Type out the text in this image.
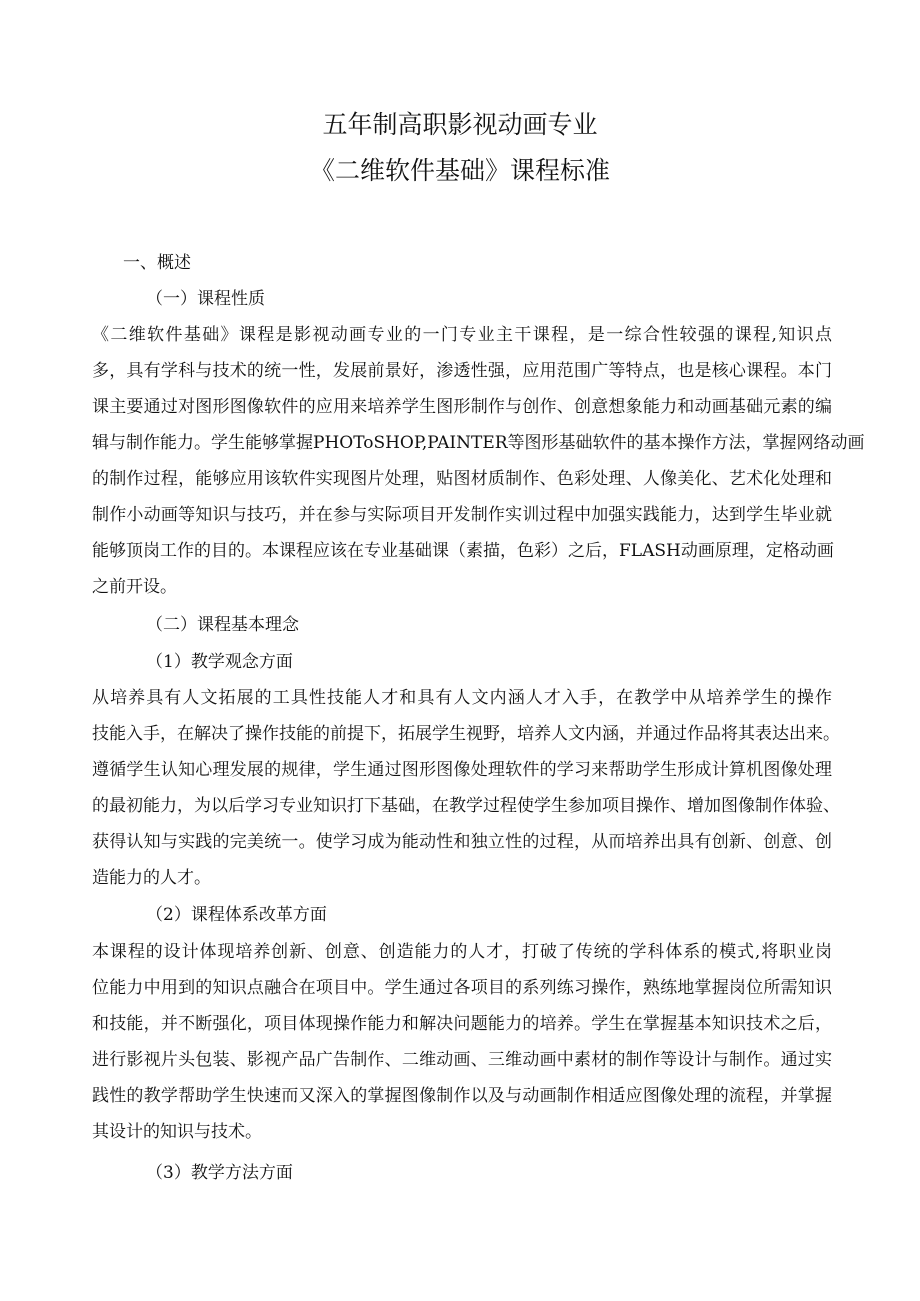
五年制高职影视动画专业
《二维软件基础》课程标准
一、概述
（一）课程性质
《二维软件基础》课程是影视动画专业的一门专业主干课程，是一综合性较强的课程,知识点
多，具有学科与技术的统一性，发展前景好，渗透性强，应用范围广等特点，也是核心课程。本门
课主要通过对图形图像软件的应用来培养学生图形制作与创作、创意想象能力和动画基础元素的编
辑与制作能力。学生能够掌握PHOToSHOP,PAINTER等图形基础软件的基本操作方法，掌握网络动画
的制作过程，能够应用该软件实现图片处理，贴图材质制作、色彩处理、人像美化、艺术化处理和
制作小动画等知识与技巧，并在参与实际项目开发制作实训过程中加强实践能力，达到学生毕业就
能够顶岗工作的目的。本课程应该在专业基础课（素描，色彩）之后，FLASH动画原理，定格动画
之前开设。
（二）课程基本理念
（1）教学观念方面
从培养具有人文拓展的工具性技能人才和具有人文内涵人才入手，在教学中从培养学生的操作
技能入手，在解决了操作技能的前提下，拓展学生视野，培养人文内涵，并通过作品将其表达出来。
遵循学生认知心理发展的规律，学生通过图形图像处理软件的学习来帮助学生形成计算机图像处理
的最初能力，为以后学习专业知识打下基础，在教学过程使学生参加项目操作、增加图像制作体验、
获得认知与实践的完美统一。使学习成为能动性和独立性的过程，从而培养出具有创新、创意、创
造能力的人才。
（2）课程体系改革方面
本课程的设计体现培养创新、创意、创造能力的人才，打破了传统的学科体系的模式,将职业岗
位能力中用到的知识点融合在项目中。学生通过各项目的系列练习操作，熟练地掌握岗位所需知识
和技能，并不断强化，项目体现操作能力和解决问题能力的培养。学生在掌握基本知识技术之后，
进行影视片头包装、影视产品广告制作、二维动画、三维动画中素材的制作等设计与制作。通过实
践性的教学帮助学生快速而又深入的掌握图像制作以及与动画制作相适应图像处理的流程，并掌握
其设计的知识与技术。
（3）教学方法方面
